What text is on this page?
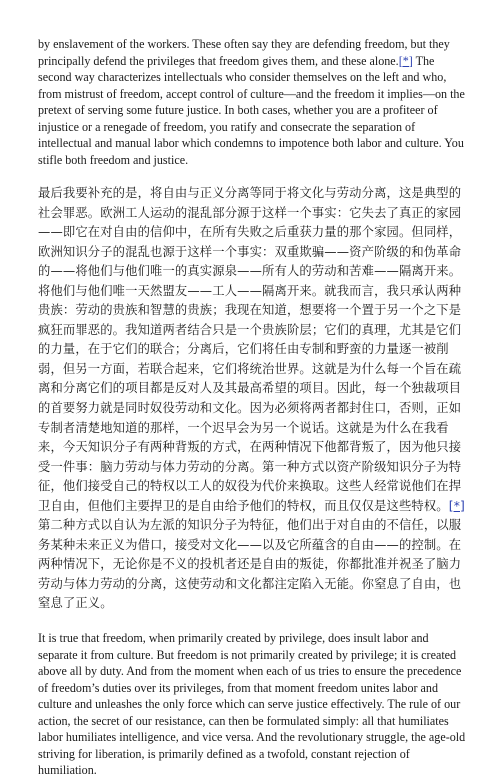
by enslavement of the workers. These often say they are defending freedom, but they principally defend the privileges that freedom gives them, and these alone.[*] The second way characterizes intellectuals who consider themselves on the left and who, from mistrust of freedom, accept control of culture—and the freedom it implies—on the pretext of serving some future justice. In both cases, whether you are a profiteer of injustice or a renegade of freedom, you ratify and consecrate the separation of intellectual and manual labor which condemns to impotence both labor and culture. You stifle both freedom and justice.

最后我要补充的是，将自由与正义分离等同于将文化与劳动分离，这是典型的社会罪恶。欧洲工人运动的混乱部分源于这样一个事实：它失去了真正的家园——即它在对自由的信仰中，在所有失败之后重获力量的那个家园。但同样，欧洲知识分子的混乱也源于这样一个事实：双重欺骗——资产阶级的和伪革命的——将他们与他们唯一的真实源泉——所有人的劳动和苦难——隔离开来。将他们与他们唯一天然盟友——工人——隔离开来。就我而言，我只承认两种贵族：劳动的贵族和智慧的贵族；我现在知道，想要将一个置于另一个之下是疯狂而罪恶的。我知道两者结合只是一个贵族阶层；它们的真理，尤其是它们的力量，在于它们的联合；分离后，它们将任由专制和野蛮的力量逐一被削弱，但另一方面，若联合起来，它们将统治世界。这就是为什么每一个旨在疏离和分离它们的项目都是反对人及其最高希望的项目。因此，每一个独裁项目的首要努力就是同时奴役劳动和文化。因为必须将两者都封住口，否则，正如专制者清楚地知道的那样，一个迟早会为另一个说话。这就是为什么在我看来，今天知识分子有两种背叛的方式，在两种情况下他都背叛了，因为他只接受一件事：脑力劳动与体力劳动的分离。第一种方式以资产阶级知识分子为特征，他们接受自己的特权以工人的奴役为代价来换取。这些人经常说他们在捍卫自由，但他们主要捍卫的是自由给予他们的特权，而且仅仅是这些特权。[*]第二种方式以自认为左派的知识分子为特征，他们出于对自由的不信任，以服务某种未来正义为借口，接受对文化——以及它所蕴含的自由——的控制。在两种情况下，无论你是不义的投机者还是自由的叛徒，你都批准并祝圣了脑力劳动与体力劳动的分离，这使劳动和文化都注定陷入无能。你窒息了自由，也窒息了正义。

It is true that freedom, when primarily created by privilege, does insult labor and separate it from culture. But freedom is not primarily created by privilege; it is created above all by duty. And from the moment when each of us tries to ensure the precedence of freedom’s duties over its privileges, from that moment freedom unites labor and culture and unleashes the only force which can serve justice effectively. The rule of our action, the secret of our resistance, can then be formulated simply: all that humiliates labor humiliates intelligence, and vice versa. And the revolutionary struggle, the age-old striving for liberation, is primarily defined as a twofold, constant rejection of humiliation.
